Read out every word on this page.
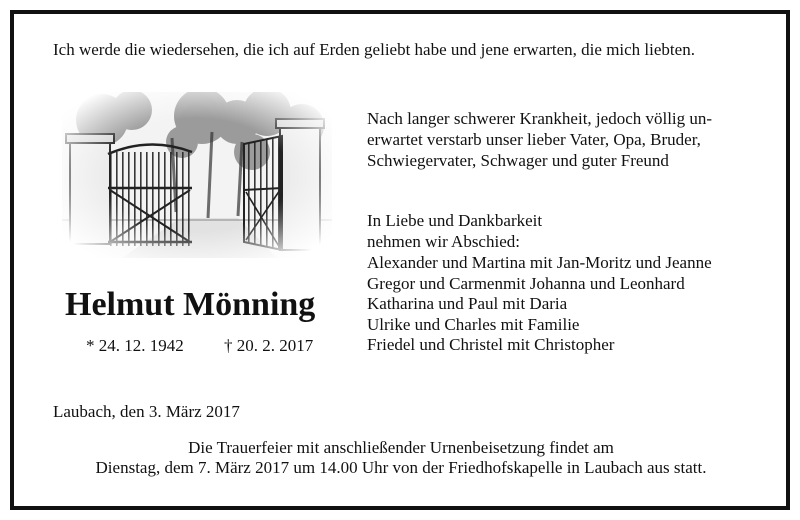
Ich werde die wiedersehen, die ich auf Erden geliebt habe und jene erwarten, die mich liebten.
Helmut Mönning
* 24. 12. 1942 † 20. 2. 2017
Nach langer schwerer Krankheit, jedoch völlig un-
erwartet verstarb unser lieber Vater, Opa, Bruder,
Schwiegervater, Schwager und guter Freund
In Liebe und Dankbarkeit
nehmen wir Abschied:
Alexander und Martina mit Jan-Moritz und Jeanne
Gregor und Carmenmit Johanna und Leonhard
Katharina und Paul mit Daria
Ulrike und Charles mit Familie
Friedel und Christel mit Christopher
Laubach, den 3. März 2017
Die Trauerfeier mit anschließender Urnenbeisetzung findet am
Dienstag, dem 7. März 2017 um 14.00 Uhr von der Friedhofskapelle in Laubach aus statt.
